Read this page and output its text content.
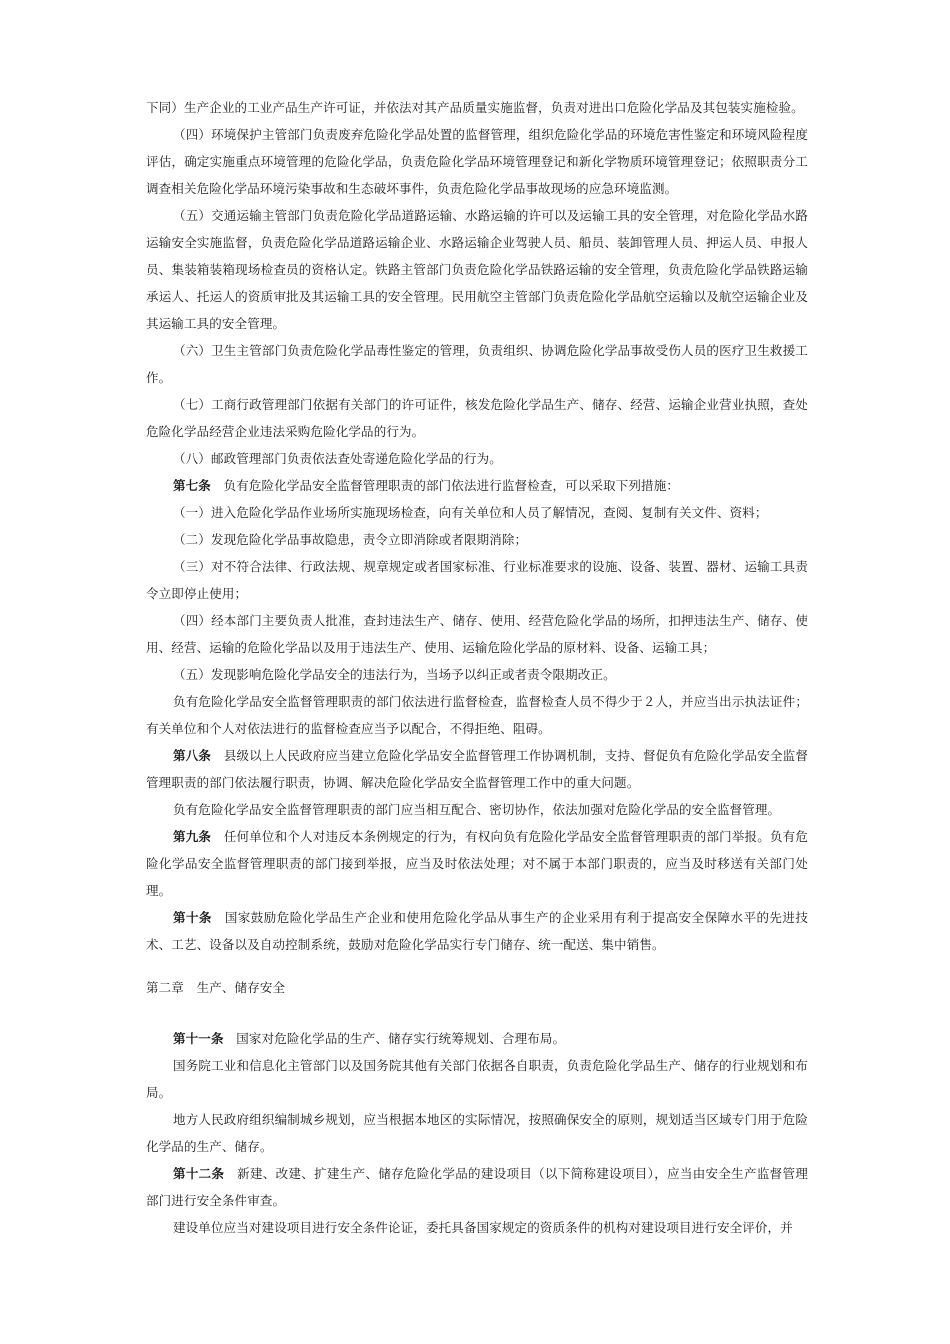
下同）生产企业的工业产品生产许可证，并依法对其产品质量实施监督，负责对进出口危险化学品及其包装实施检验。

（四）环境保护主管部门负责废弃危险化学品处置的监督管理，组织危险化学品的环境危害性鉴定和环境风险程度评估，确定实施重点环境管理的危险化学品，负责危险化学品环境管理登记和新化学物质环境管理登记；依照职责分工调查相关危险化学品环境污染事故和生态破坏事件，负责危险化学品事故现场的应急环境监测。

（五）交通运输主管部门负责危险化学品道路运输、水路运输的许可以及运输工具的安全管理，对危险化学品水路运输安全实施监督，负责危险化学品道路运输企业、水路运输企业驾驶人员、船员、装卸管理人员、押运人员、申报人员、集装箱装箱现场检查员的资格认定。铁路主管部门负责危险化学品铁路运输的安全管理，负责危险化学品铁路运输承运人、托运人的资质审批及其运输工具的安全管理。民用航空主管部门负责危险化学品航空运输以及航空运输企业及其运输工具的安全管理。

（六）卫生主管部门负责危险化学品毒性鉴定的管理，负责组织、协调危险化学品事故受伤人员的医疗卫生救援工作。

（七）工商行政管理部门依据有关部门的许可证件，核发危险化学品生产、储存、经营、运输企业营业执照，查处危险化学品经营企业违法采购危险化学品的行为。

（八）邮政管理部门负责依法查处寄递危险化学品的行为。

第七条　 负有危险化学品安全监督管理职责的部门依法进行监督检查，可以采取下列措施：

（一）进入危险化学品作业场所实施现场检查，向有关单位和人员了解情况，查阅、复制有关文件、资料；

（二）发现危险化学品事故隐患，责令立即消除或者限期消除；

（三）对不符合法律、行政法规、规章规定或者国家标准、行业标准要求的设施、设备、装置、器材、运输工具责令立即停止使用；

（四）经本部门主要负责人批准，查封违法生产、储存、使用、经营危险化学品的场所，扣押违法生产、储存、使用、经营、运输的危险化学品以及用于违法生产、使用、运输危险化学品的原材料、设备、运输工具；

（五）发现影响危险化学品安全的违法行为，当场予以纠正或者责令限期改正。

负有危险化学品安全监督管理职责的部门依法进行监督检查，监督检查人员不得少于２人，并应当出示执法证件；有关单位和个人对依法进行的监督检查应当予以配合，不得拒绝、阻碍。

第八条　 县级以上人民政府应当建立危险化学品安全监督管理工作协调机制，支持、督促负有危险化学品安全监督管理职责的部门依法履行职责，协调、解决危险化学品安全监督管理工作中的重大问题。

负有危险化学品安全监督管理职责的部门应当相互配合、密切协作，依法加强对危险化学品的安全监督管理。

第九条　 任何单位和个人对违反本条例规定的行为，有权向负有危险化学品安全监督管理职责的部门举报。负有危险化学品安全监督管理职责的部门接到举报，应当及时依法处理；对不属于本部门职责的，应当及时移送有关部门处理。

第十条　 国家鼓励危险化学品生产企业和使用危险化学品从事生产的企业采用有利于提高安全保障水平的先进技术、工艺、设备以及自动控制系统，鼓励对危险化学品实行专门储存、统一配送、集中销售。

第二章　生产、储存安全

第十一条　 国家对危险化学品的生产、储存实行统筹规划、合理布局。

国务院工业和信息化主管部门以及国务院其他有关部门依据各自职责，负责危险化学品生产、储存的行业规划和布局。

地方人民政府组织编制城乡规划，应当根据本地区的实际情况，按照确保安全的原则，规划适当区域专门用于危险化学品的生产、储存。

第十二条　 新建、改建、扩建生产、储存危险化学品的建设项目（以下简称建设项目），应当由安全生产监督管理部门进行安全条件审查。

建设单位应当对建设项目进行安全条件论证，委托具备国家规定的资质条件的机构对建设项目进行安全评价，并
